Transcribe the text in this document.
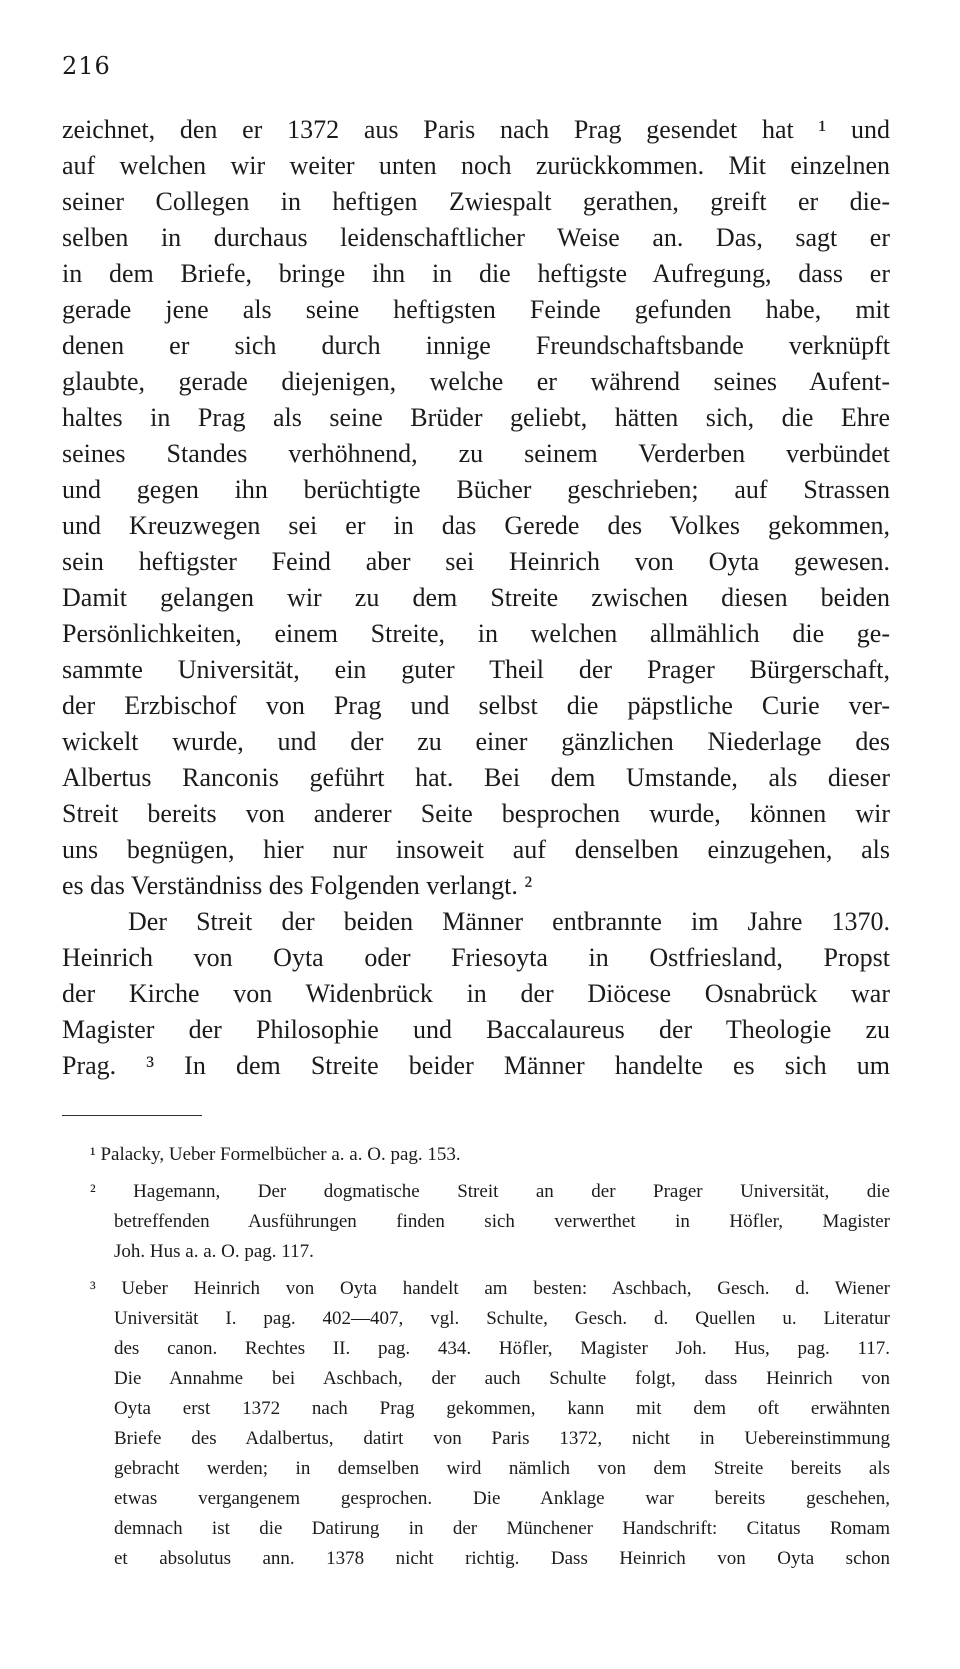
216
zeichnet, den er 1372 aus Paris nach Prag gesendet hat ¹ und
auf welchen wir weiter unten noch zurückkommen. Mit einzelnen
seiner Collegen in heftigen Zwiespalt gerathen, greift er die-
selben in durchaus leidenschaftlicher Weise an. Das, sagt er
in dem Briefe, bringe ihn in die heftigste Aufregung, dass er
gerade jene als seine heftigsten Feinde gefunden habe, mit
denen er sich durch innige Freundschaftsbande verknüpft
glaubte, gerade diejenigen, welche er während seines Aufent-
haltes in Prag als seine Brüder geliebt, hätten sich, die Ehre
seines Standes verhöhnend, zu seinem Verderben verbündet
und gegen ihn berüchtigte Bücher geschrieben; auf Strassen
und Kreuzwegen sei er in das Gerede des Volkes gekommen,
sein heftigster Feind aber sei Heinrich von Oyta gewesen.
Damit gelangen wir zu dem Streite zwischen diesen beiden
Persönlichkeiten, einem Streite, in welchen allmählich die ge-
sammte Universität, ein guter Theil der Prager Bürgerschaft,
der Erzbischof von Prag und selbst die päpstliche Curie ver-
wickelt wurde, und der zu einer gänzlichen Niederlage des
Albertus Ranconis geführt hat. Bei dem Umstande, als dieser
Streit bereits von anderer Seite besprochen wurde, können wir
uns begnügen, hier nur insoweit auf denselben einzugehen, als
es das Verständniss des Folgenden verlangt. ²
Der Streit der beiden Männer entbrannte im Jahre 1370.
Heinrich von Oyta oder Friesoyta in Ostfriesland, Propst
der Kirche von Widenbrück in der Diöcese Osnabrück war
Magister der Philosophie und Baccalaureus der Theologie zu
Prag. ³ In dem Streite beider Männer handelte es sich um
¹ Palacky, Ueber Formelbücher a. a. O. pag. 153.
² Hagemann, Der dogmatische Streit an der Prager Universität, die
betreffenden Ausführungen finden sich verwerthet in Höfler, Magister
Joh. Hus a. a. O. pag. 117.
³ Ueber Heinrich von Oyta handelt am besten: Aschbach, Gesch. d. Wiener
Universität I. pag. 402—407, vgl. Schulte, Gesch. d. Quellen u. Literatur
des canon. Rechtes II. pag. 434. Höfler, Magister Joh. Hus, pag. 117.
Die Annahme bei Aschbach, der auch Schulte folgt, dass Heinrich von
Oyta erst 1372 nach Prag gekommen, kann mit dem oft erwähnten
Briefe des Adalbertus, datirt von Paris 1372, nicht in Uebereinstimmung
gebracht werden; in demselben wird nämlich von dem Streite bereits als
etwas vergangenem gesprochen. Die Anklage war bereits geschehen,
demnach ist die Datirung in der Münchener Handschrift: Citatus Romam
et absolutus ann. 1378 nicht richtig. Dass Heinrich von Oyta schon
